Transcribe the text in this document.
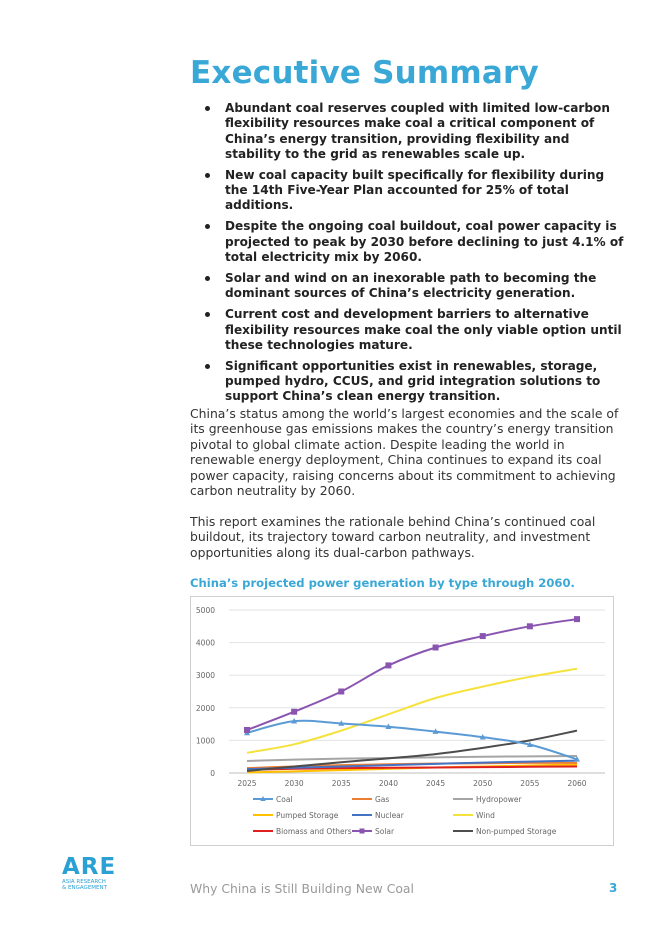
Executive Summary
Abundant coal reserves coupled with limited low-carbon flexibility resources make coal a critical component of China’s energy transition, providing flexibility and stability to the grid as renewables scale up.
New coal capacity built specifically for flexibility during the 14th Five-Year Plan accounted for 25% of total additions.
Despite the ongoing coal buildout, coal power capacity is projected to peak by 2030 before declining to just 4.1% of total electricity mix by 2060.
Solar and wind on an inexorable path to becoming the dominant sources of China’s electricity generation.
Current cost and development barriers to alternative flexibility resources make coal the only viable option until these technologies mature.
Significant opportunities exist in renewables, storage, pumped hydro, CCUS, and grid integration solutions to support China’s clean energy transition.

China’s status among the world’s largest economies and the scale of its greenhouse gas emissions makes the country’s energy transition pivotal to global climate action. Despite leading the world in renewable energy deployment, China continues to expand its coal power capacity, raising concerns about its commitment to achieving carbon neutrality by 2060.

This report examines the rationale behind China’s continued coal buildout, its trajectory toward carbon neutrality, and investment opportunities along its dual-carbon pathways.

China’s projected power generation by type through 2060.

0
1000
2000
3000
4000
5000
2025	2030	2035	2040	2045	2050	2055	2060
Coal	Gas	Hydropower
Pumped Storage	Nuclear	Wind
Biomass and Others	Solar	Non-pumped Storage
ARE
ASIA RESEARCH
& ENGAGEMENT	Why China is Still Building New Coal	3
